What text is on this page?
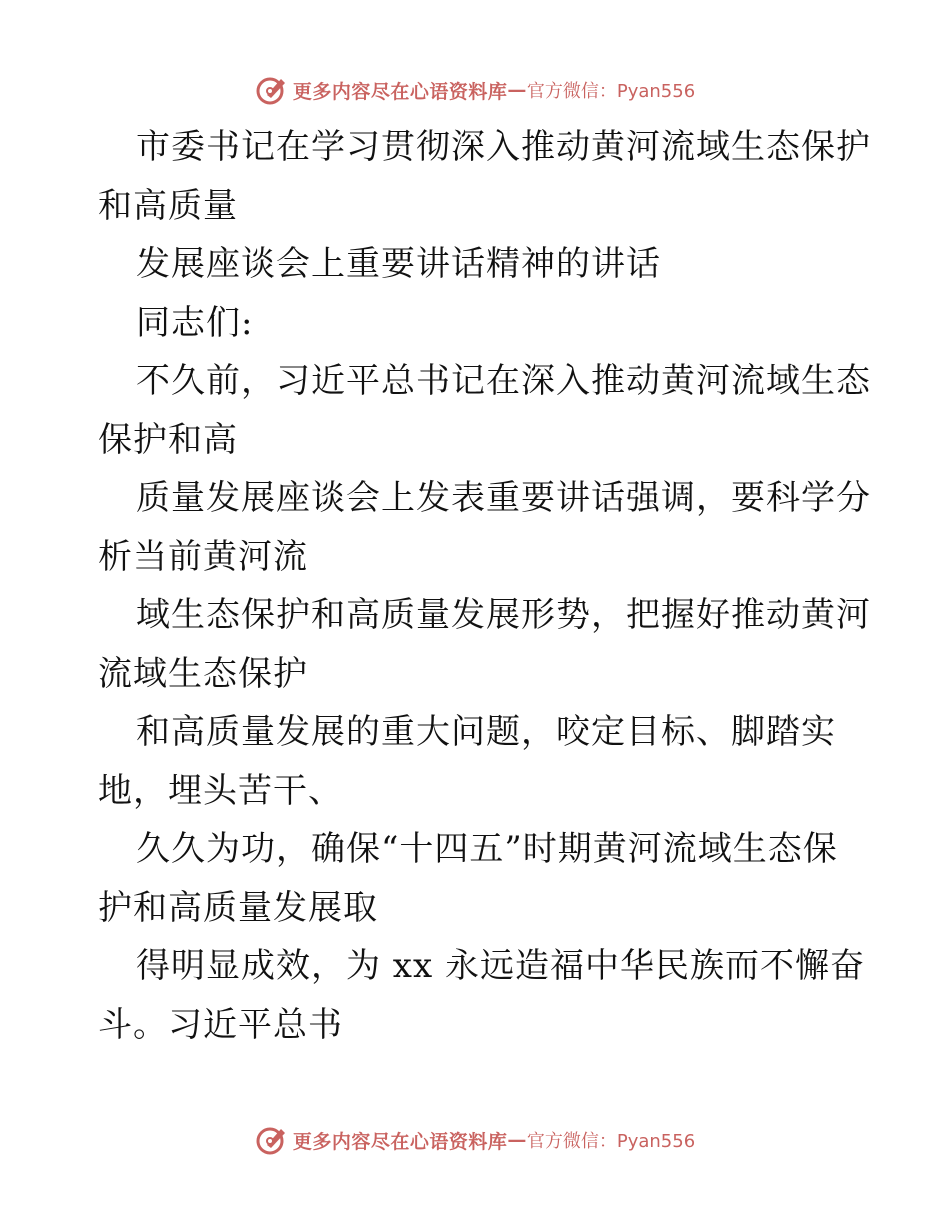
更多内容尽在心语资料库 — 官方微信：Pyan556
市委书记在学习贯彻深入推动黄河流域生态保护
和高质量
发展座谈会上重要讲话精神的讲话
同志们:
不久前，习近平总书记在深入推动黄河流域生态
保护和高
质量发展座谈会上发表重要讲话强调，要科学分
析当前黄河流
域生态保护和高质量发展形势，把握好推动黄河
流域生态保护
和高质量发展的重大问题，咬定目标、脚踏实
地，埋头苦干、
久久为功，确保“十四五”时期黄河流域生态保
护和高质量发展取
得明显成效，为 xx 永远造福中华民族而不懈奋
斗。习近平总书
更多内容尽在心语资料库 — 官方微信：Pyan556
